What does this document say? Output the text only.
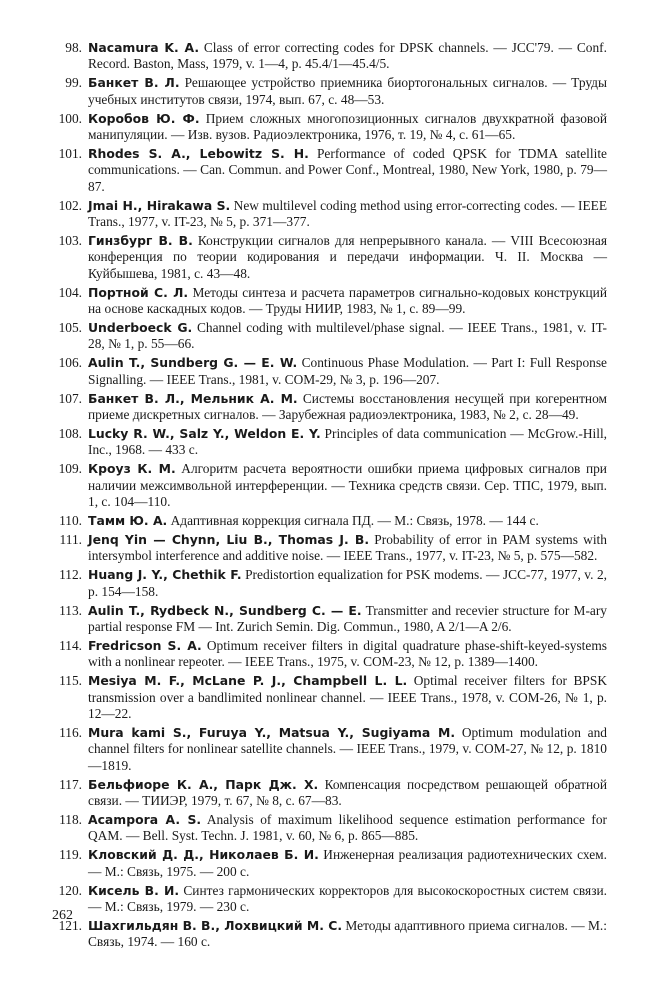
98. Nacamura K. A. Class of error correcting codes for DPSK channels. — JCC'79. — Conf. Record. Baston, Mass, 1979, v. 1—4, p. 45.4/1—45.4/5.
99. Банкет В. Л. Решающее устройство приемника биортогональных сигналов. — Труды учебных институтов связи, 1974, вып. 67, с. 48—53.
100. Коробов Ю. Ф. Прием сложных многопозиционных сигналов двухкратной фазовой манипуляции. — Изв. вузов. Радиоэлектроника, 1976, т. 19, № 4, с. 61—65.
101. Rhodes S. A., Lebowitz S. H. Performance of coded QPSK for TDMA satellite communications. — Can. Commun. and Power Conf., Montreal, 1980, New York, 1980, p. 79—87.
102. Jmai H., Hirakawa S. New multilevel coding method using error-correcting codes. — IEEE Trans., 1977, v. IT-23, № 5, p. 371—377.
103. Гинзбург В. В. Конструкции сигналов для непрерывного канала. — VIII Всесоюзная конференция по теории кодирования и передачи информации. Ч. II. Москва — Куйбышева, 1981, с. 43—48.
104. Портной С. Л. Методы синтеза и расчета параметров сигнально-кодовых конструкций на основе каскадных кодов. — Труды НИИР, 1983, № 1, с. 89—99.
105. Underboeck G. Channel coding with multilevel/phase signal. — IEEE Trans., 1981, v. IT-28, № 1, p. 55—66.
106. Aulin T., Sundberg G. — E. W. Continuous Phase Modulation. — Part I: Full Response Signalling. — IEEE Trans., 1981, v. COM-29, № 3, p. 196—207.
107. Банкет В. Л., Мельник А. М. Системы восстановления несущей при когерентном приеме дискретных сигналов. — Зарубежная радиоэлектроника, 1983, № 2, с. 28—49.
108. Lucky R. W., Salz Y., Weldon E. Y. Principles of data communication — McGrow.-Hill, Inc., 1968. — 433 c.
109. Кроуз К. М. Алгоритм расчета вероятности ошибки приема цифровых сигналов при наличии межсимвольной интерференции. — Техника средств связи. Сер. ТПС, 1979, вып. 1, с. 104—110.
110. Тамм Ю. А. Адаптивная коррекция сигнала ПД. — М.: Связь, 1978. — 144 с.
111. Jenq Yin — Chynn, Liu B., Thomas J. B. Probability of error in PAM systems with intersymbol interference and additive noise. — IEEE Trans., 1977, v. IT-23, № 5, p. 575—582.
112. Huang J. Y., Chethik F. Predistortion equalization for PSK modems. — JCC-77, 1977, v. 2, p. 154—158.
113. Aulin T., Rydbeck N., Sundberg C. — E. Transmitter and recevier structure for M-ary partial response FM — Int. Zurich Semin. Dig. Commun., 1980, A 2/1—A 2/6.
114. Fredricson S. A. Optimum receiver filters in digital quadrature phase-shift-keyed-systems with a nonlinear repeoter. — IEEE Trans., 1975, v. COM-23, № 12, p. 1389—1400.
115. Mesiya M. F., McLane P. J., Champbell L. L. Optimal receiver filters for BPSK transmission over a bandlimited nonlinear channel. — IEEE Trans., 1978, v. COM-26, № 1, p. 12—22.
116. Mura kami S., Furuya Y., Matsua Y., Sugiyama M. Optimum modulation and channel filters for nonlinear satellite channels. — IEEE Trans., 1979, v. COM-27, № 12, p. 1810—1819.
117. Бельфиоре К. А., Парк Дж. Х. Компенсация посредством решающей обратной связи. — ТИИЭР, 1979, т. 67, № 8, с. 67—83.
118. Acampora A. S. Analysis of maximum likelihood sequence estimation performance for QAM. — Bell. Syst. Techn. J. 1981, v. 60, № 6, p. 865—885.
119. Кловский Д. Д., Николаев Б. И. Инженерная реализация радиотехнических схем. — М.: Связь, 1975. — 200 с.
120. Кисель В. И. Синтез гармонических корректоров для высокоскоростных систем связи. — М.: Связь, 1979. — 230 с.
121. Шахгильдян В. В., Лохвицкий М. С. Методы адаптивного приема сигналов. — М.: Связь, 1974. — 160 с.
262
